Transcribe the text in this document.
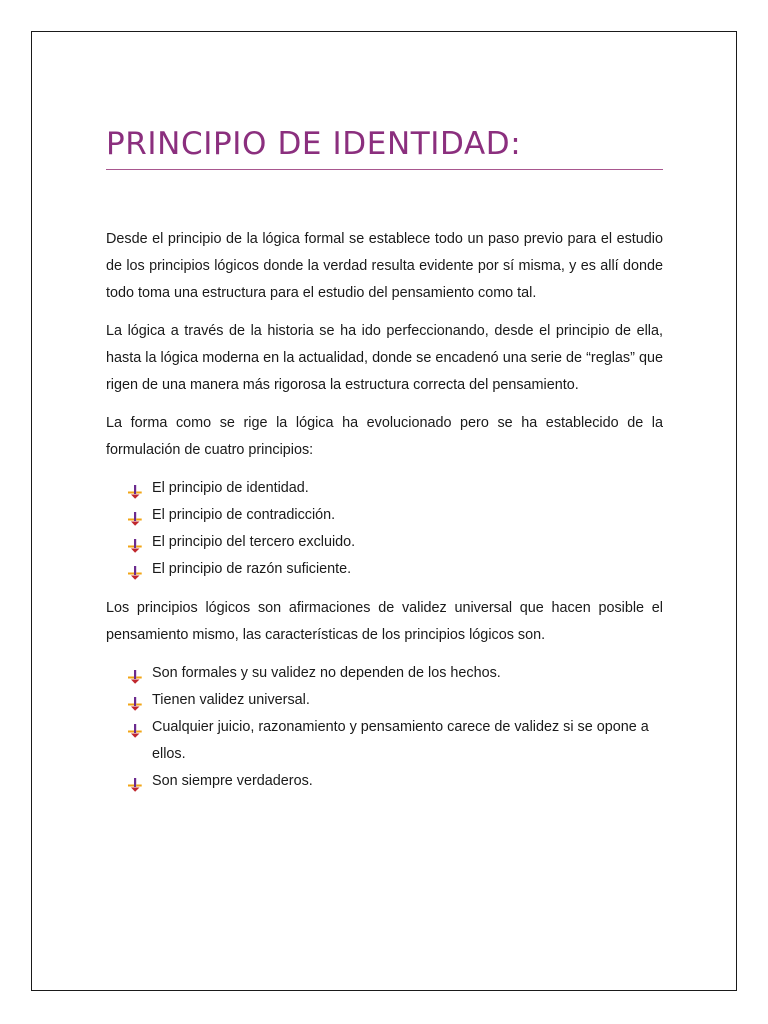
PRINCIPIO DE IDENTIDAD:

Desde el principio de la lógica formal se establece todo un paso previo para el estudio de los principios lógicos donde la verdad resulta evidente por sí misma, y es allí donde todo toma una estructura para el estudio del pensamiento como tal.

La lógica a través de la historia se ha ido perfeccionando, desde el principio de ella, hasta la lógica moderna en la actualidad, donde se encadenó una serie de “reglas” que rigen de una manera más rigorosa la estructura correcta del pensamiento.

La forma como se rige la lógica ha evolucionado pero se ha establecido de la formulación de cuatro principios:

El principio de identidad.
El principio de contradicción.
El principio del tercero excluido.
El principio de razón suficiente.

Los principios lógicos son afirmaciones de validez universal que hacen posible el pensamiento mismo, las características de los principios lógicos son.

Son formales y su validez no dependen de los hechos.
Tienen validez universal.
Cualquier juicio, razonamiento y pensamiento carece de validez si se opone a ellos.
Son siempre verdaderos.
